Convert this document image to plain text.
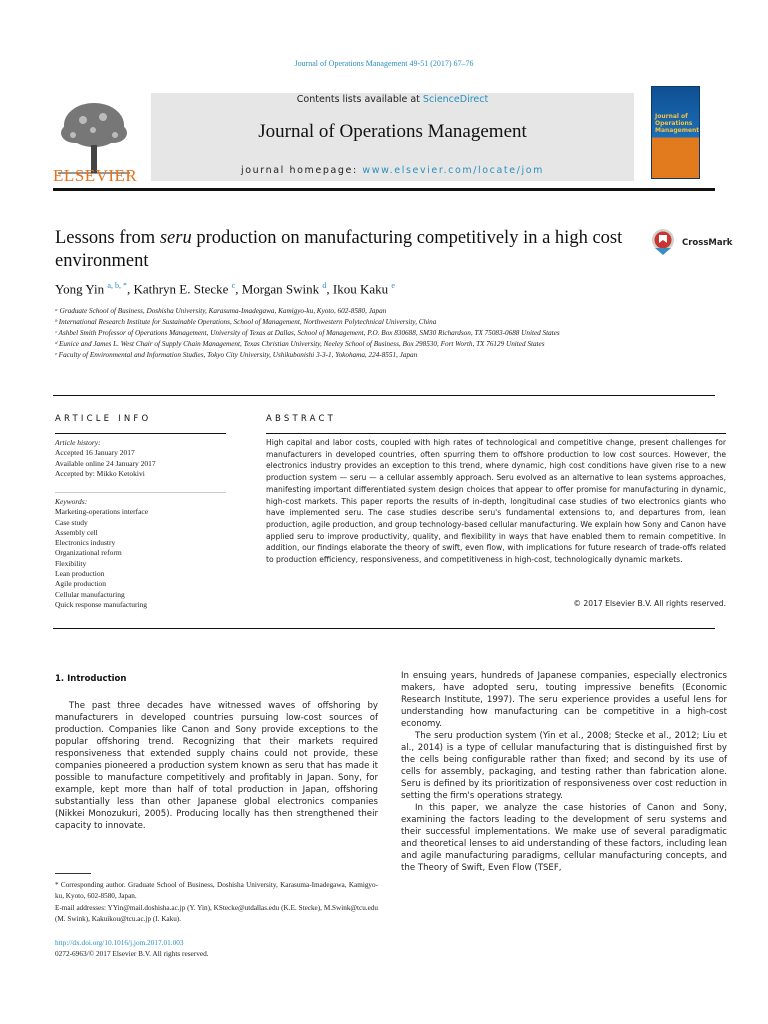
Journal of Operations Management 49-51 (2017) 67–76
ELSEVIER
Contents lists available at ScienceDirect
Journal of Operations Management
journal homepage: www.elsevier.com/locate/jom
Journal of Operations Management
Lessons from seru production on manufacturing competitively in a high cost environment
CrossMark
Yong Yin $^{a, b, *}$, Kathryn E. Stecke $^c$, Morgan Swink $^d$, Ikou Kaku $^e$

ᵃ Graduate School of Business, Doshisha University, Karasuma-Imadegawa, Kamigyo-ku, Kyoto, 602-8580, Japan

ᵇ International Research Institute for Sustainable Operations, School of Management, Northwestern Polytechnical University, China

ᶜ Ashbel Smith Professor of Operations Management, University of Texas at Dallas, School of Management, P.O. Box 830688, SM30 Richardson, TX 75083-0688 United States

ᵈ Eunice and James L. West Chair of Supply Chain Management, Texas Christian University, Neeley School of Business, Box 298530, Fort Worth, TX 76129 United States

ᵉ Faculty of Environmental and Information Studies, Tokyo City University, Ushikubonishi 3-3-1, Yokohama, 224-8551, Japan

ARTICLE INFO
Article history:
Accepted 16 January 2017
Available online 24 January 2017
Accepted by: Mikko Ketokivi
Keywords:
Marketing-operations interface
Case study
Assembly cell
Electronics industry
Organizational reform
Flexibility
Lean production
Agile production
Cellular manufacturing
Quick response manufacturing
ABSTRACT
High capital and labor costs, coupled with high rates of technological and competitive change, present challenges for manufacturers in developed countries, often spurring them to offshore production to low cost sources. However, the electronics industry provides an exception to this trend, where dynamic, high cost conditions have given rise to a new production system — seru — a cellular assembly approach. Seru evolved as an alternative to lean systems approaches, manifesting important differentiated system design choices that appear to offer promise for manufacturing in dynamic, high-cost markets. This paper reports the results of in-depth, longitudinal case studies of two electronics giants who have implemented seru. The case studies describe seru's fundamental extensions to, and departures from, lean production, agile production, and group technology-based cellular manufacturing. We explain how Sony and Canon have applied seru to improve productivity, quality, and flexibility in ways that have enabled them to remain competitive. In addition, our findings elaborate the theory of swift, even flow, with implications for future research of trade-offs related to production efficiency, responsiveness, and competitiveness in high-cost, technologically dynamic markets.
© 2017 Elsevier B.V. All rights reserved.
1. Introduction

The past three decades have witnessed waves of offshoring by manufacturers in developed countries pursuing low-cost sources of production. Companies like Canon and Sony provide exceptions to the popular offshoring trend. Recognizing that their markets required responsiveness that extended supply chains could not provide, these companies pioneered a production system known as seru that has made it possible to manufacture competitively and profitably in Japan. Sony, for example, kept more than half of total production in Japan, offshoring substantially less than other Japanese global electronics companies (Nikkei Monozukuri, 2005). Producing locally has then strengthened their capacity to innovate.

In ensuing years, hundreds of Japanese companies, especially electronics makers, have adopted seru, touting impressive benefits (Economic Research Institute, 1997). The seru experience provides a useful lens for understanding how manufacturing can be competitive in a high-cost economy.

The seru production system (Yin et al., 2008; Stecke et al., 2012; Liu et al., 2014) is a type of cellular manufacturing that is distinguished first by the cells being configurable rather than fixed; and second by its use of cells for assembly, packaging, and testing rather than fabrication alone. Seru is defined by its prioritization of responsiveness over cost reduction in setting the firm's operations strategy.

In this paper, we analyze the case histories of Canon and Sony, examining the factors leading to the development of seru systems and their successful implementations. We make use of several paradigmatic and theoretical lenses to aid understanding of these factors, including lean and agile manufacturing paradigms, cellular manufacturing concepts, and the Theory of Swift, Even Flow (TSEF,

* Corresponding author. Graduate School of Business, Doshisha University, Karasuma-Imadegawa, Kamigyo-ku, Kyoto, 602-8580, Japan.
E-mail addresses: YYin@mail.doshisha.ac.jp (Y. Yin), KStecke@utdallas.edu (K.E. Stecke), M.Swink@tcu.edu (M. Swink), Kakuikou@tcu.ac.jp (I. Kaku).
http://dx.doi.org/10.1016/j.jom.2017.01.003
0272-6963/© 2017 Elsevier B.V. All rights reserved.
